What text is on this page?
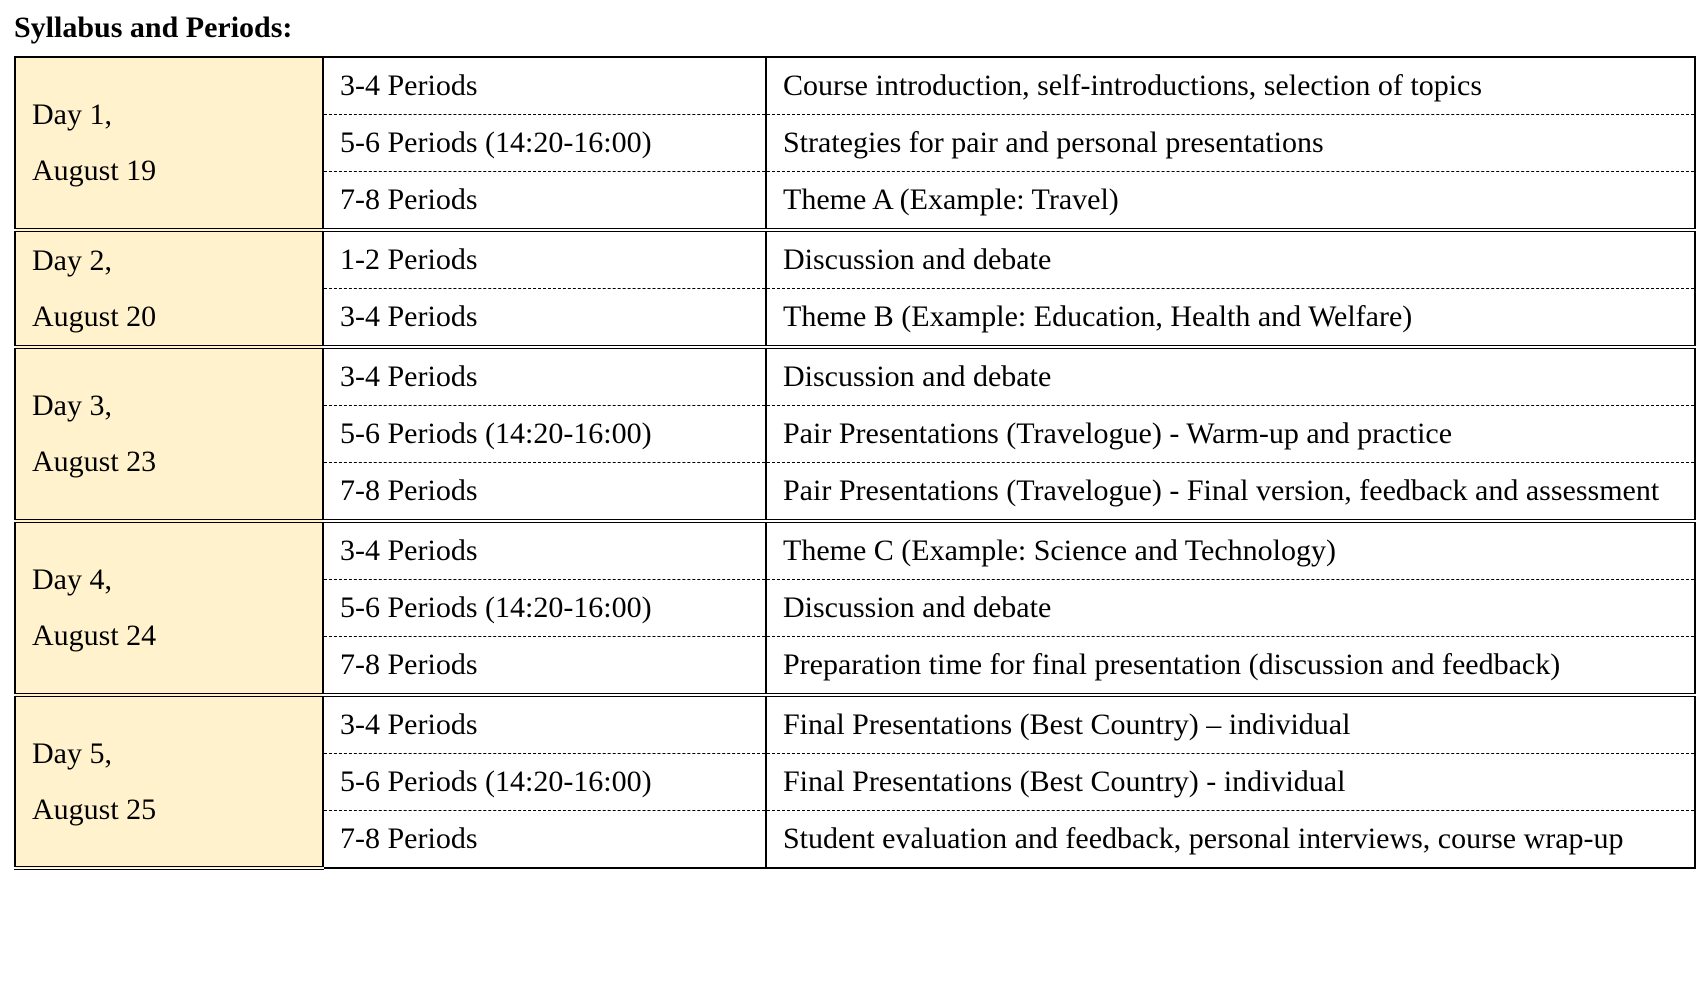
Syllabus and Periods:
Day 1,
August 19	3-4 Periods	Course introduction, self-introductions, selection of topics
	5-6 Periods (14:20-16:00)	Strategies for pair and personal presentations
	7-8 Periods	Theme A (Example: Travel)

Day 2,
August 20	1-2 Periods	Discussion and debate
	3-4 Periods	Theme B (Example: Education, Health and Welfare)

Day 3,
August 23	3-4 Periods	Discussion and debate
	5-6 Periods (14:20-16:00)	Pair Presentations (Travelogue) - Warm-up and practice
	7-8 Periods	Pair Presentations (Travelogue) - Final version, feedback and assessment

Day 4,
August 24	3-4 Periods	Theme C (Example: Science and Technology)
	5-6 Periods (14:20-16:00)	Discussion and debate
	7-8 Periods	Preparation time for final presentation (discussion and feedback)

Day 5,
August 25	3-4 Periods	Final Presentations (Best Country) – individual
	5-6 Periods (14:20-16:00)	Final Presentations (Best Country) - individual
	7-8 Periods	Student evaluation and feedback, personal interviews, course wrap-up
